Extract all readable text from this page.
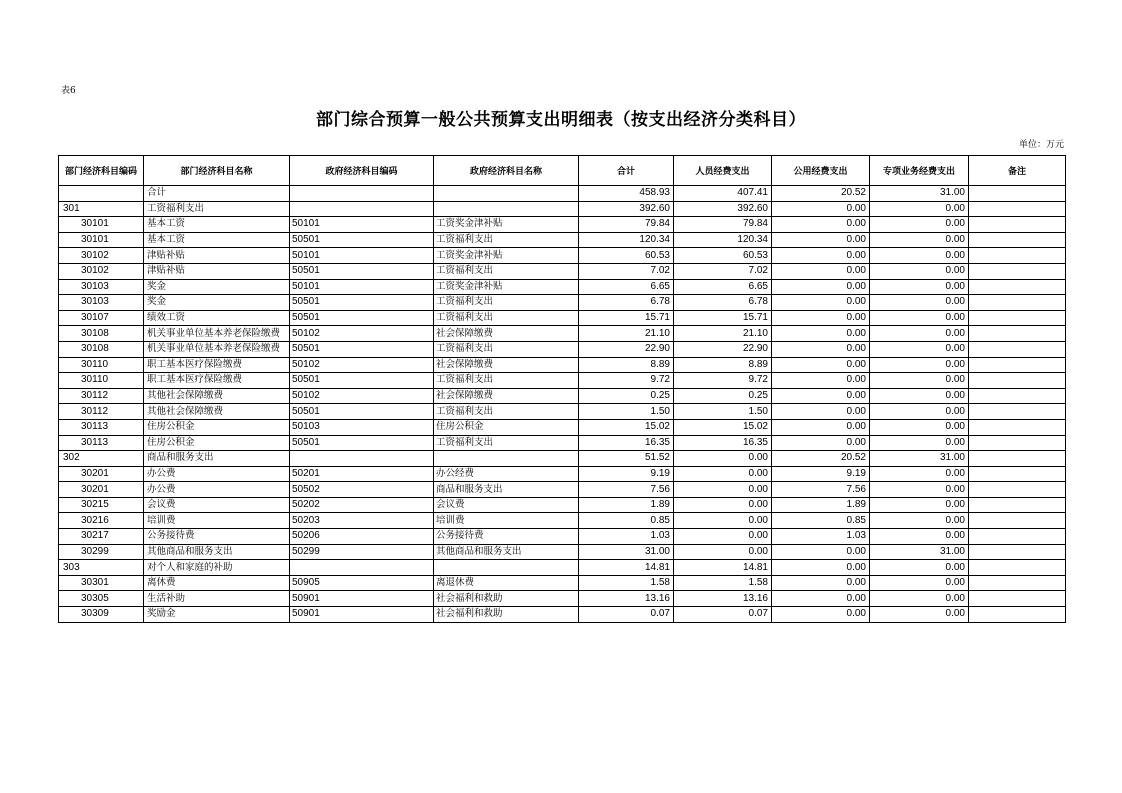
表6
部门综合预算一般公共预算支出明细表（按支出经济分类科目）
单位：万元
部门经济科目编码	部门经济科目名称	政府经济科目编码	政府经济科目名称	合计	人员经费支出	公用经费支出	专项业务经费支出	备注
	合计			458.93	407.41	20.52	31.00	
301	工资福利支出			392.60	392.60	0.00	0.00	
30101	基本工资	50101	工资奖金津补贴	79.84	79.84	0.00	0.00	
30101	基本工资	50501	工资福利支出	120.34	120.34	0.00	0.00	
30102	津贴补贴	50101	工资奖金津补贴	60.53	60.53	0.00	0.00	
30102	津贴补贴	50501	工资福利支出	7.02	7.02	0.00	0.00	
30103	奖金	50101	工资奖金津补贴	6.65	6.65	0.00	0.00	
30103	奖金	50501	工资福利支出	6.78	6.78	0.00	0.00	
30107	绩效工资	50501	工资福利支出	15.71	15.71	0.00	0.00	
30108	机关事业单位基本养老保险缴费	50102	社会保障缴费	21.10	21.10	0.00	0.00	
30108	机关事业单位基本养老保险缴费	50501	工资福利支出	22.90	22.90	0.00	0.00	
30110	职工基本医疗保险缴费	50102	社会保障缴费	8.89	8.89	0.00	0.00	
30110	职工基本医疗保险缴费	50501	工资福利支出	9.72	9.72	0.00	0.00	
30112	其他社会保障缴费	50102	社会保障缴费	0.25	0.25	0.00	0.00	
30112	其他社会保障缴费	50501	工资福利支出	1.50	1.50	0.00	0.00	
30113	住房公积金	50103	住房公积金	15.02	15.02	0.00	0.00	
30113	住房公积金	50501	工资福利支出	16.35	16.35	0.00	0.00	
302	商品和服务支出			51.52	0.00	20.52	31.00	
30201	办公费	50201	办公经费	9.19	0.00	9.19	0.00	
30201	办公费	50502	商品和服务支出	7.56	0.00	7.56	0.00	
30215	会议费	50202	会议费	1.89	0.00	1.89	0.00	
30216	培训费	50203	培训费	0.85	0.00	0.85	0.00	
30217	公务接待费	50206	公务接待费	1.03	0.00	1.03	0.00	
30299	其他商品和服务支出	50299	其他商品和服务支出	31.00	0.00	0.00	31.00	
303	对个人和家庭的补助			14.81	14.81	0.00	0.00	
30301	离休费	50905	离退休费	1.58	1.58	0.00	0.00	
30305	生活补助	50901	社会福利和救助	13.16	13.16	0.00	0.00	
30309	奖励金	50901	社会福利和救助	0.07	0.07	0.00	0.00	
